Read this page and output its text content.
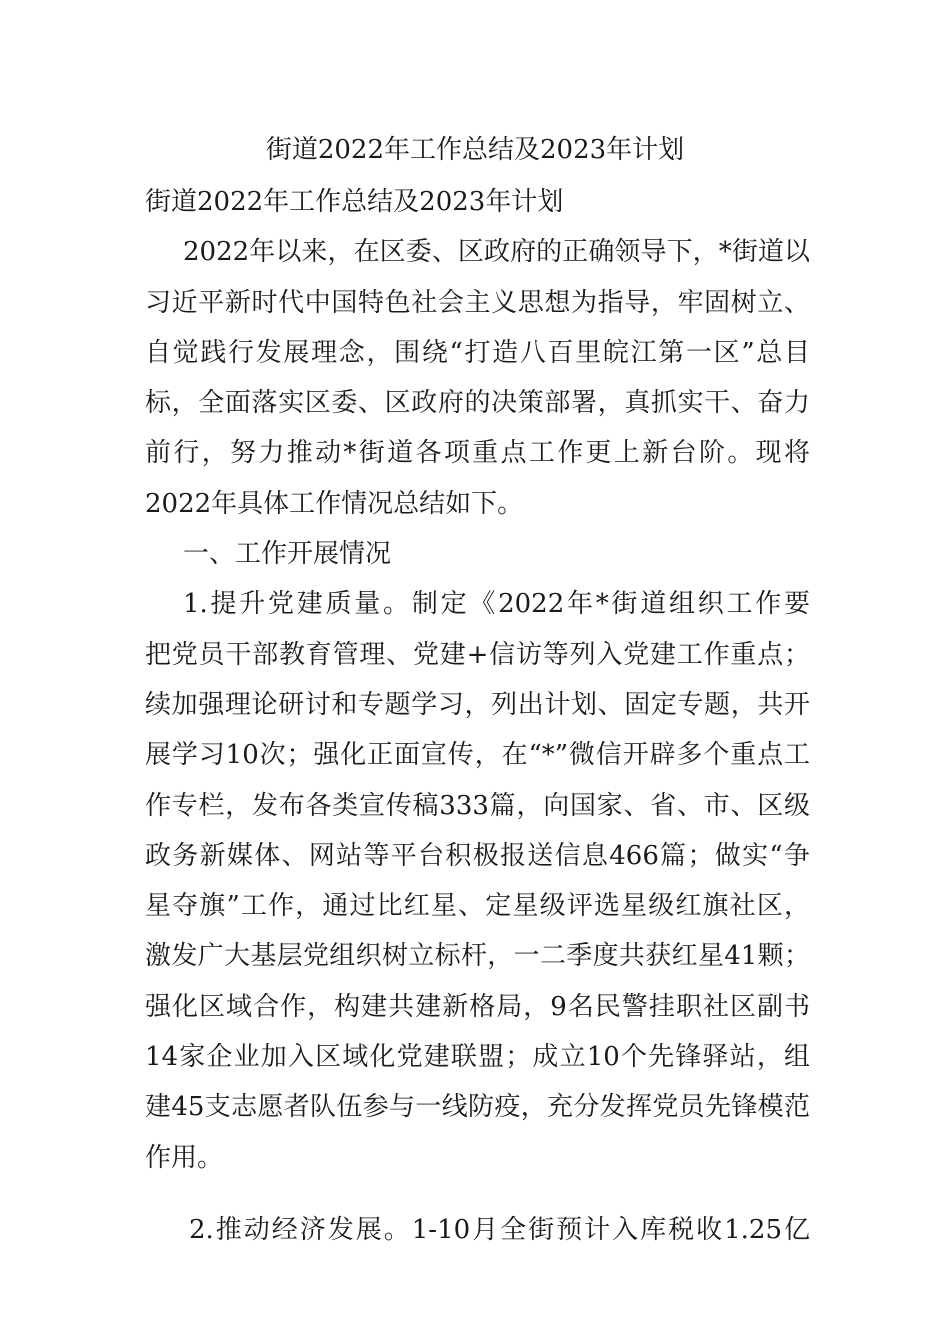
街道2022年工作总结及2023年计划

街道2022年工作总结及2023年计划

2022年以来，在区委、区政府的正确领导下，*街道以

习近平新时代中国特色社会主义思想为指导，牢固树立、

自觉践行发展理念，围绕“打造八百里皖江第一区”总目

标，全面落实区委、区政府的决策部署，真抓实干、奋力

前行，努力推动*街道各项重点工作更上新台阶。现将

2022年具体工作情况总结如下。

一、工作开展情况

1.提升党建质量。制定《2022年*街道组织工作要

把党员干部教育管理、党建+信访等列入党建工作重点；

续加强理论研讨和专题学习，列出计划、固定专题，共开

展学习10次；强化正面宣传，在“*”微信开辟多个重点工

作专栏，发布各类宣传稿333篇，向国家、省、市、区级

政务新媒体、网站等平台积极报送信息466篇；做实“争

星夺旗”工作，通过比红星、定星级评选星级红旗社区，

激发广大基层党组织树立标杆，一二季度共获红星41颗；

强化区域合作，构建共建新格局，9名民警挂职社区副书

14家企业加入区域化党建联盟；成立10个先锋驿站，组

建45支志愿者队伍参与一线防疫，充分发挥党员先锋模范

作用。

2.推动经济发展。1-10月全街预计入库税收1.25亿
